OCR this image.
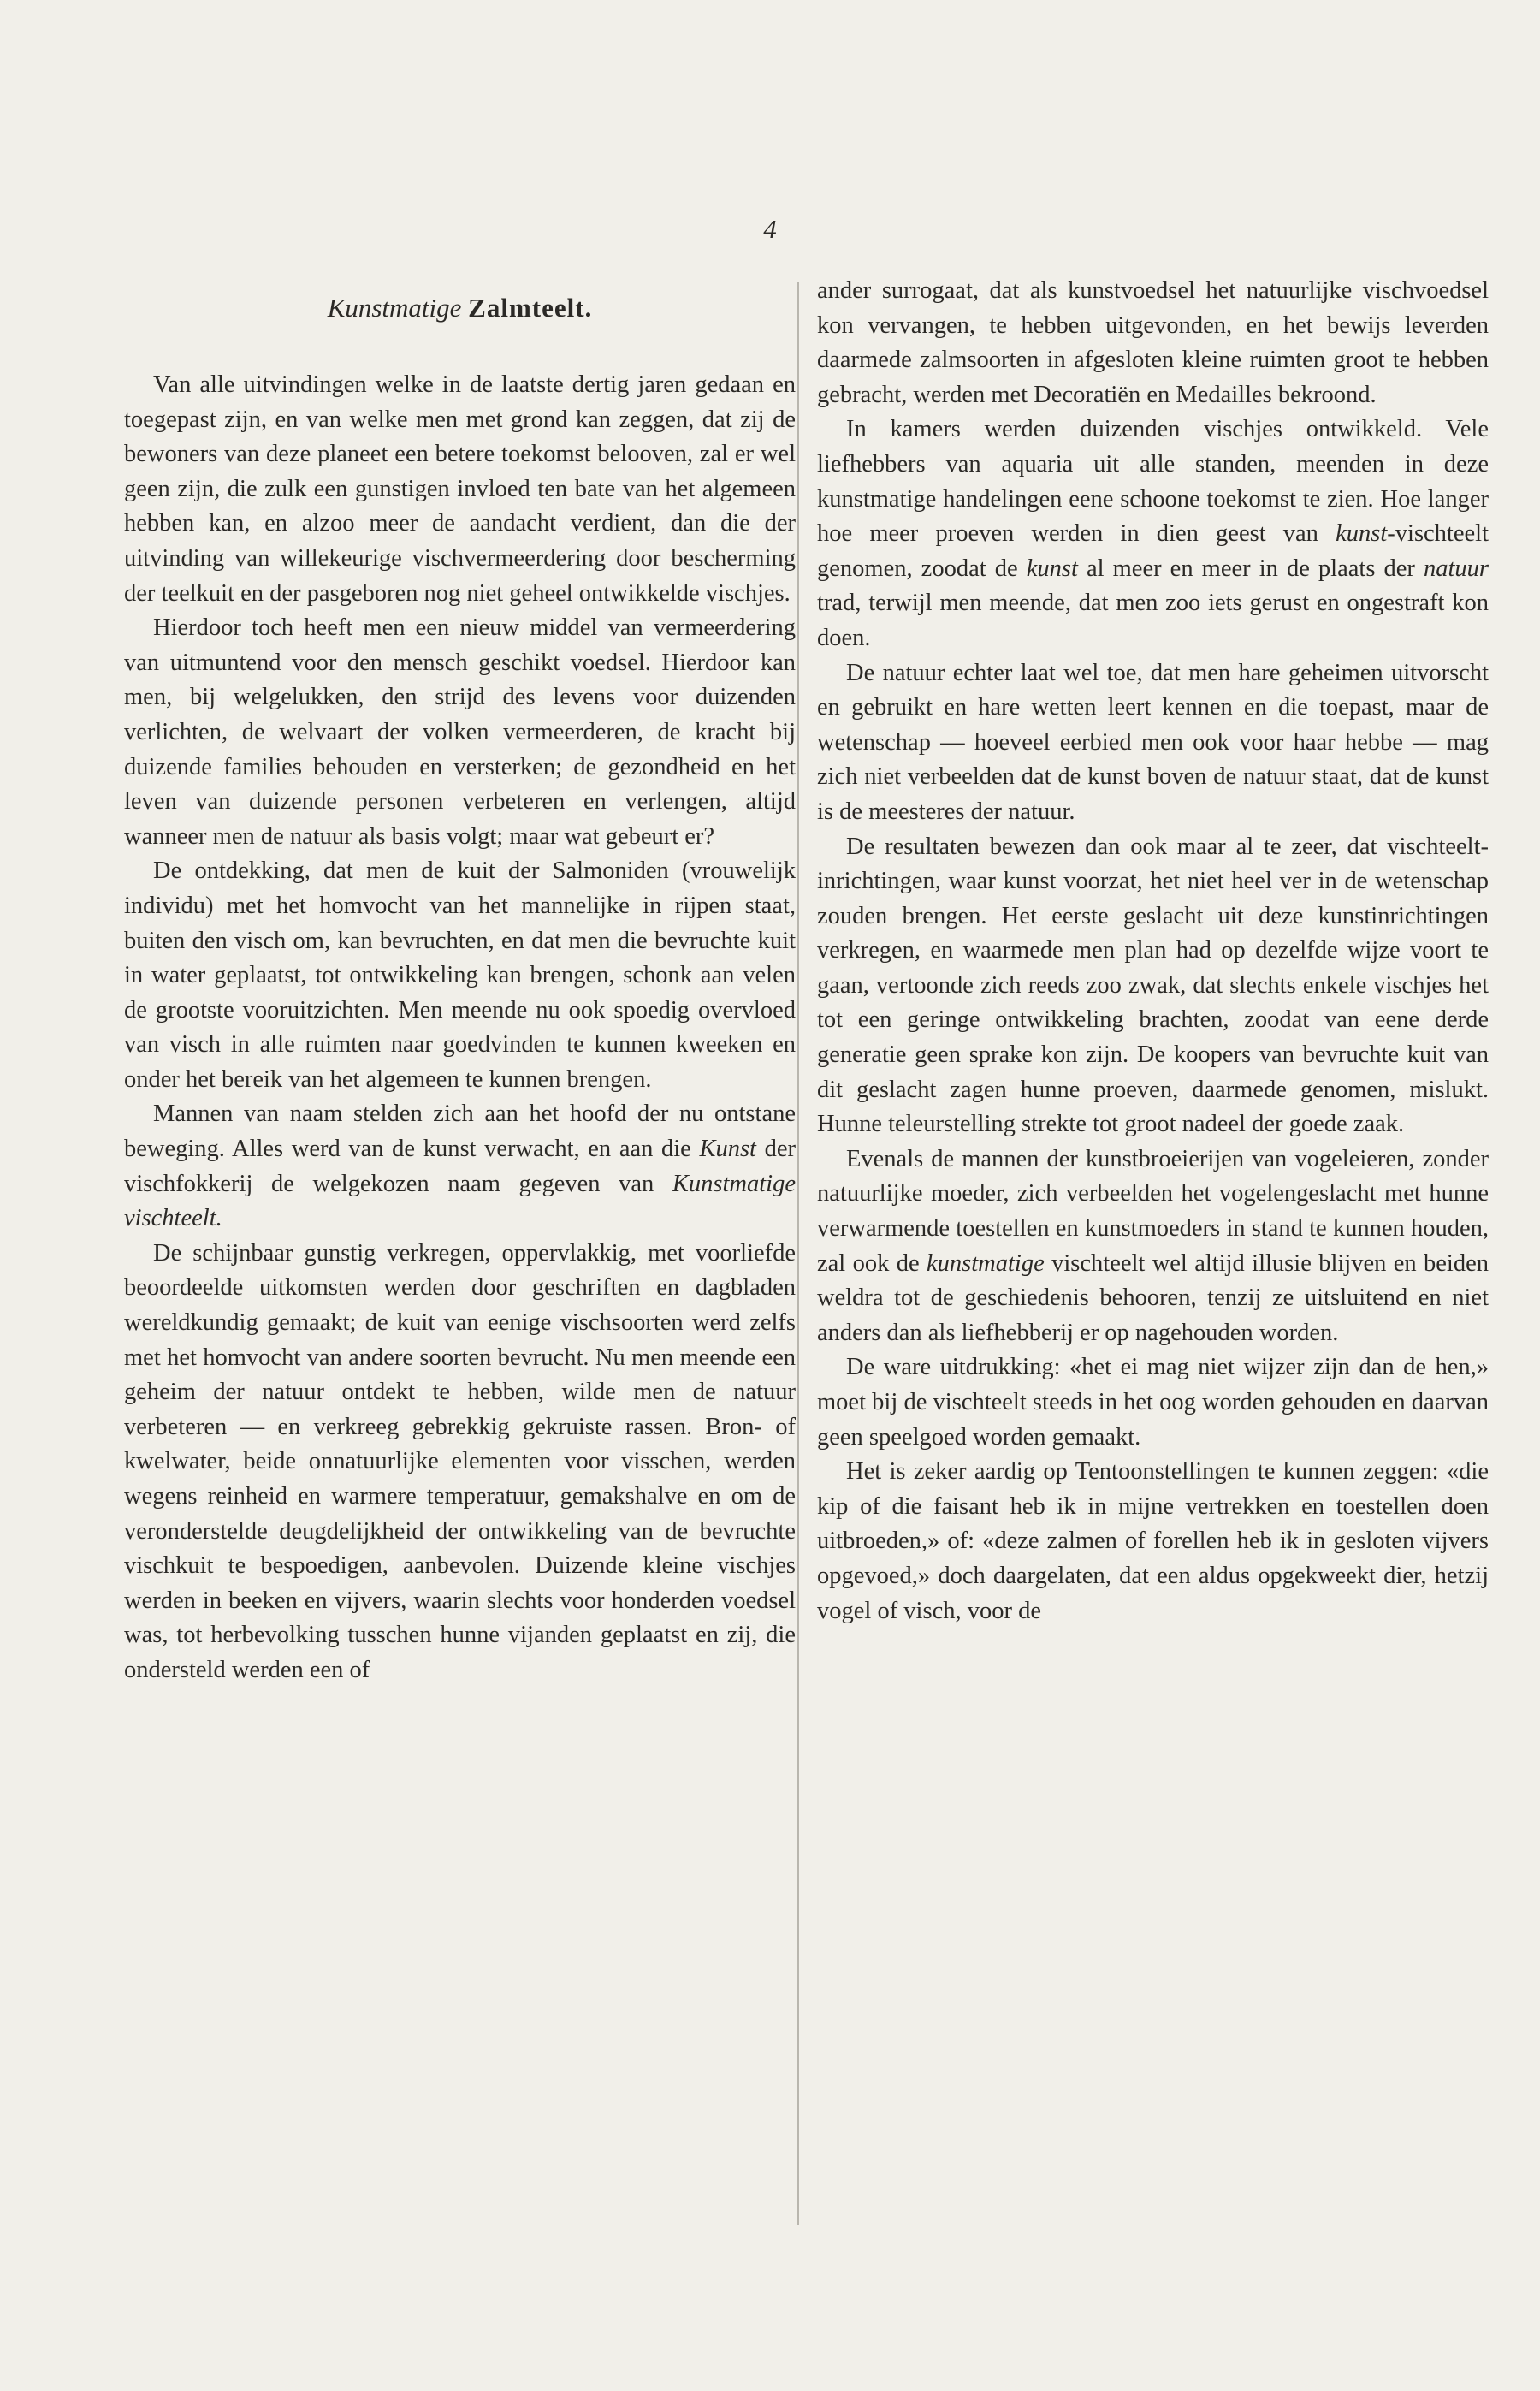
4
Kunstmatige Zalmteelt.

Van alle uitvindingen welke in de laatste dertig jaren gedaan en toegepast zijn, en van welke men met grond kan zeggen, dat zij de bewoners van deze planeet een betere toekomst belooven, zal er wel geen zijn, die zulk een gunstigen invloed ten bate van het algemeen hebben kan, en alzoo meer de aandacht verdient, dan die der uitvinding van willekeurige vischvermeerdering door bescherming der teelkuit en der pasgeboren nog niet geheel ontwikkelde vischjes.

Hierdoor toch heeft men een nieuw middel van vermeerdering van uitmuntend voor den mensch geschikt voedsel. Hierdoor kan men, bij welgelukken, den strijd des levens voor duizenden verlichten, de welvaart der volken vermeerderen, de kracht bij duizende families behouden en versterken; de gezondheid en het leven van duizende personen verbeteren en verlengen, altijd wanneer men de natuur als basis volgt; maar wat gebeurt er?

De ontdekking, dat men de kuit der Salmoniden (vrouwelijk individu) met het homvocht van het mannelijke in rijpen staat, buiten den visch om, kan bevruchten, en dat men die bevruchte kuit in water geplaatst, tot ontwikkeling kan brengen, schonk aan velen de grootste vooruitzichten. Men meende nu ook spoedig overvloed van visch in alle ruimten naar goedvinden te kunnen kweeken en onder het bereik van het algemeen te kunnen brengen.

Mannen van naam stelden zich aan het hoofd der nu ontstane beweging. Alles werd van de kunst verwacht, en aan die Kunst der vischfokkerij de welgekozen naam gegeven van Kunstmatige vischteelt.

De schijnbaar gunstig verkregen, oppervlakkig, met voorliefde beoordeelde uitkomsten werden door geschriften en dagbladen wereldkundig gemaakt; de kuit van eenige vischsoorten werd zelfs met het homvocht van andere soorten bevrucht. Nu men meende een geheim der natuur ontdekt te hebben, wilde men de natuur verbeteren — en verkreeg gebrekkig gekruiste rassen. Bron- of kwelwater, beide onnatuurlijke elementen voor visschen, werden wegens reinheid en warmere temperatuur, gemakshalve en om de veronderstelde deugdelijkheid der ontwikkeling van de bevruchte vischkuit te bespoedigen, aanbevolen. Duizende kleine vischjes werden in beeken en vijvers, waarin slechts voor honderden voedsel was, tot herbevolking tusschen hunne vijanden geplaatst en zij, die ondersteld werden een of

ander surrogaat, dat als kunstvoedsel het natuurlijke vischvoedsel kon vervangen, te hebben uitgevonden, en het bewijs leverden daarmede zalmsoorten in afgesloten kleine ruimten groot te hebben gebracht, werden met Decoratiën en Medailles bekroond.

In kamers werden duizenden vischjes ontwikkeld. Vele liefhebbers van aquaria uit alle standen, meenden in deze kunstmatige handelingen eene schoone toekomst te zien. Hoe langer hoe meer proeven werden in dien geest van kunst-vischteelt genomen, zoodat de kunst al meer en meer in de plaats der natuur trad, terwijl men meende, dat men zoo iets gerust en ongestraft kon doen.

De natuur echter laat wel toe, dat men hare geheimen uitvorscht en gebruikt en hare wetten leert kennen en die toepast, maar de wetenschap — hoeveel eerbied men ook voor haar hebbe — mag zich niet verbeelden dat de kunst boven de natuur staat, dat de kunst is de meesteres der natuur.

De resultaten bewezen dan ook maar al te zeer, dat vischteelt-inrichtingen, waar kunst voorzat, het niet heel ver in de wetenschap zouden brengen. Het eerste geslacht uit deze kunstinrichtingen verkregen, en waarmede men plan had op dezelfde wijze voort te gaan, vertoonde zich reeds zoo zwak, dat slechts enkele vischjes het tot een geringe ontwikkeling brachten, zoodat van eene derde generatie geen sprake kon zijn. De koopers van bevruchte kuit van dit geslacht zagen hunne proeven, daarmede genomen, mislukt. Hunne teleurstelling strekte tot groot nadeel der goede zaak.

Evenals de mannen der kunstbroeierijen van vogeleieren, zonder natuurlijke moeder, zich verbeelden het vogelengeslacht met hunne verwarmende toestellen en kunstmoeders in stand te kunnen houden, zal ook de kunstmatige vischteelt wel altijd illusie blijven en beiden weldra tot de geschiedenis behooren, tenzij ze uitsluitend en niet anders dan als liefhebberij er op nagehouden worden.

De ware uitdrukking: «het ei mag niet wijzer zijn dan de hen,» moet bij de vischteelt steeds in het oog worden gehouden en daarvan geen speelgoed worden gemaakt.

Het is zeker aardig op Tentoonstellingen te kunnen zeggen: «die kip of die faisant heb ik in mijne vertrekken en toestellen doen uitbroeden,» of: «deze zalmen of forellen heb ik in gesloten vijvers opgevoed,» doch daargelaten, dat een aldus opgekweekt dier, hetzij vogel of visch, voor de
